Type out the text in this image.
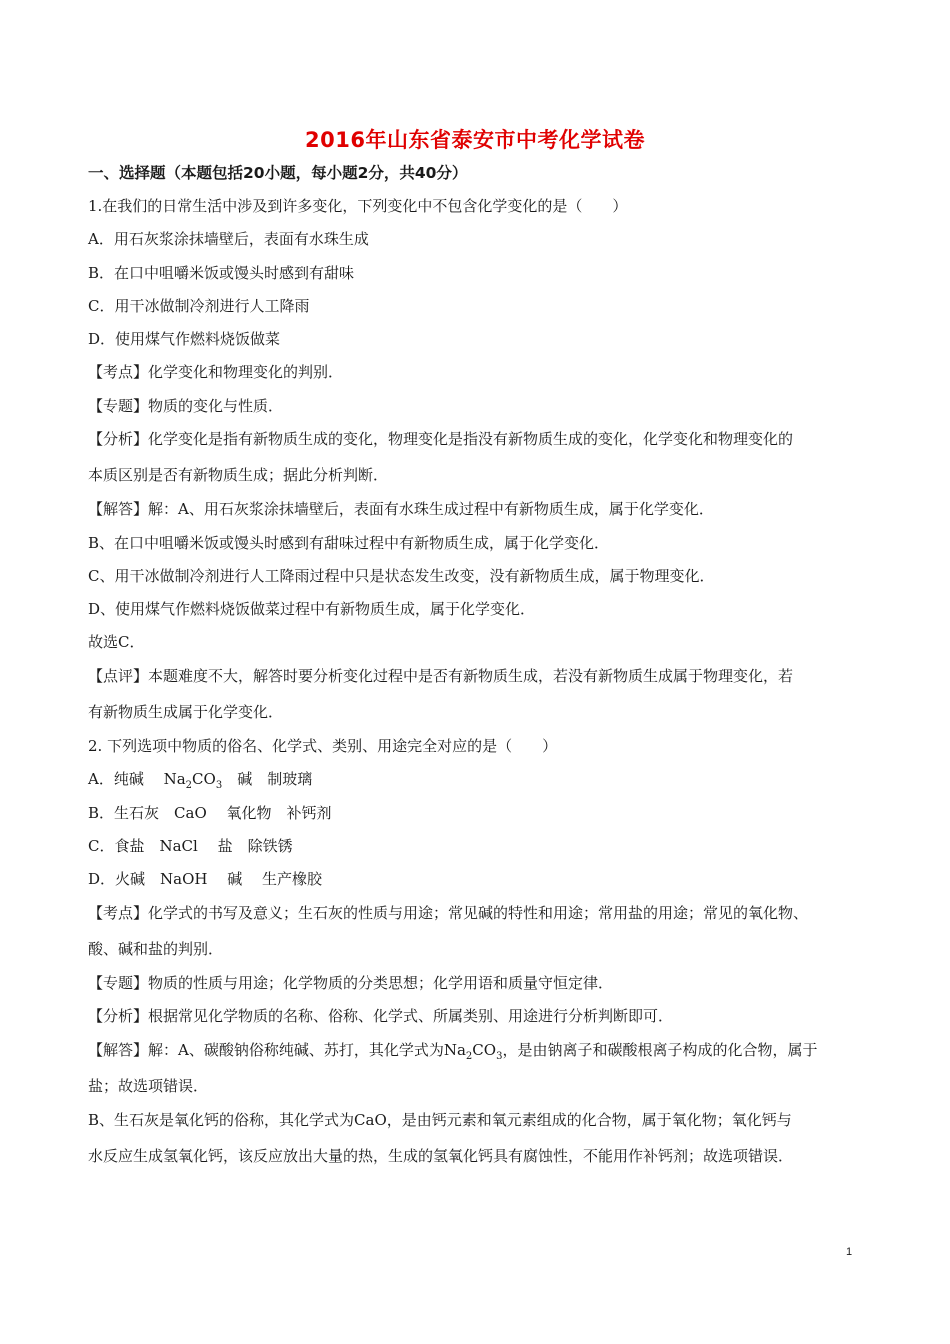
2016年山东省泰安市中考化学试卷
一、选择题（本题包括20小题，每小题2分，共40分）
1.在我们的日常生活中涉及到许多变化，下列变化中不包含化学变化的是（　　）
A．用石灰浆涂抹墙壁后，表面有水珠生成
B．在口中咀嚼米饭或馒头时感到有甜味
C．用干冰做制冷剂进行人工降雨
D．使用煤气作燃料烧饭做菜
【考点】化学变化和物理变化的判别．
【专题】物质的变化与性质．
【分析】化学变化是指有新物质生成的变化，物理变化是指没有新物质生成的变化，化学变化和物理变化的
本质区别是否有新物质生成；据此分析判断．
【解答】解：A、用石灰浆涂抹墙壁后，表面有水珠生成过程中有新物质生成，属于化学变化．
B、在口中咀嚼米饭或馒头时感到有甜味过程中有新物质生成，属于化学变化．
C、用干冰做制冷剂进行人工降雨过程中只是状态发生改变，没有新物质生成，属于物理变化．
D、使用煤气作燃料烧饭做菜过程中有新物质生成，属于化学变化．
故选C．
【点评】本题难度不大，解答时要分析变化过程中是否有新物质生成，若没有新物质生成属于物理变化，若
有新物质生成属于化学变化．
2. 下列选项中物质的俗名、化学式、类别、用途完全对应的是（　　）
A．纯碱　 $Na_2CO_3$　碱　制玻璃
B．生石灰　CaO　 氧化物　补钙剂
C．食盐　NaCl　 盐　除铁锈
D．火碱　NaOH　 碱　 生产橡胶
【考点】化学式的书写及意义；生石灰的性质与用途；常见碱的特性和用途；常用盐的用途；常见的氧化物、
酸、碱和盐的判别．
【专题】物质的性质与用途；化学物质的分类思想；化学用语和质量守恒定律．
【分析】根据常见化学物质的名称、俗称、化学式、所属类别、用途进行分析判断即可．
【解答】解：A、碳酸钠俗称纯碱、苏打，其化学式为$Na_2CO_3$，是由钠离子和碳酸根离子构成的化合物，属于
盐；故选项错误．
B、生石灰是氧化钙的俗称，其化学式为CaO，是由钙元素和氧元素组成的化合物，属于氧化物；氧化钙与
水反应生成氢氧化钙，该反应放出大量的热，生成的氢氧化钙具有腐蚀性，不能用作补钙剂；故选项错误．
1
